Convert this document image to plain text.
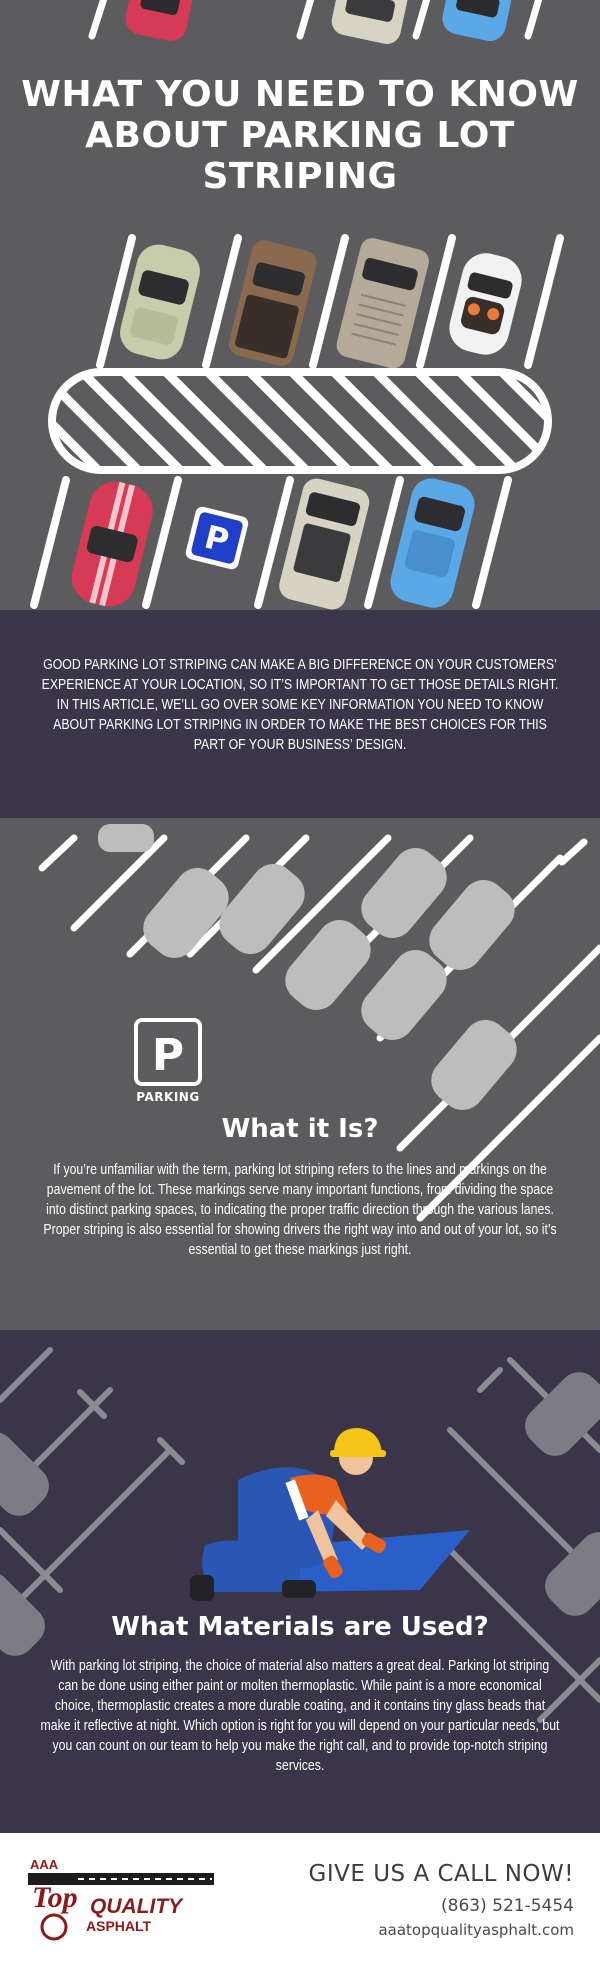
P
WHAT YOU NEED TO KNOW ABOUT PARKING LOT STRIPING
GOOD PARKING LOT STRIPING CAN MAKE A BIG DIFFERENCE ON YOUR CUSTOMERS’ EXPERIENCE AT YOUR LOCATION, SO IT’S IMPORTANT TO GET THOSE DETAILS RIGHT. IN THIS ARTICLE, WE’LL GO OVER SOME KEY INFORMATION YOU NEED TO KNOW ABOUT PARKING LOT STRIPING IN ORDER TO MAKE THE BEST CHOICES FOR THIS PART OF YOUR BUSINESS’ DESIGN.
P
PARKING
What it Is?
If you’re unfamiliar with the term, parking lot striping refers to the lines and markings on the pavement of the lot. These markings serve many important functions, from dividing the space into distinct parking spaces, to indicating the proper traffic direction through the various lanes. Proper striping is also essential for showing drivers the right way into and out of your lot, so it’s essential to get these markings just right.
What Materials are Used?
With parking lot striping, the choice of material also matters a great deal. Parking lot striping can be done using either paint or molten thermoplastic. While paint is a more economical choice, thermoplastic creates a more durable coating, and it contains tiny glass beads that make it reflective at night. Which option is right for you will depend on your particular needs, but you can count on our team to help you make the right call, and to provide top-notch striping services.
AAA
Top QUALITY
ASPHALT
GIVE US A CALL NOW!
(863) 521-5454
aaatopqualityasphalt.com
